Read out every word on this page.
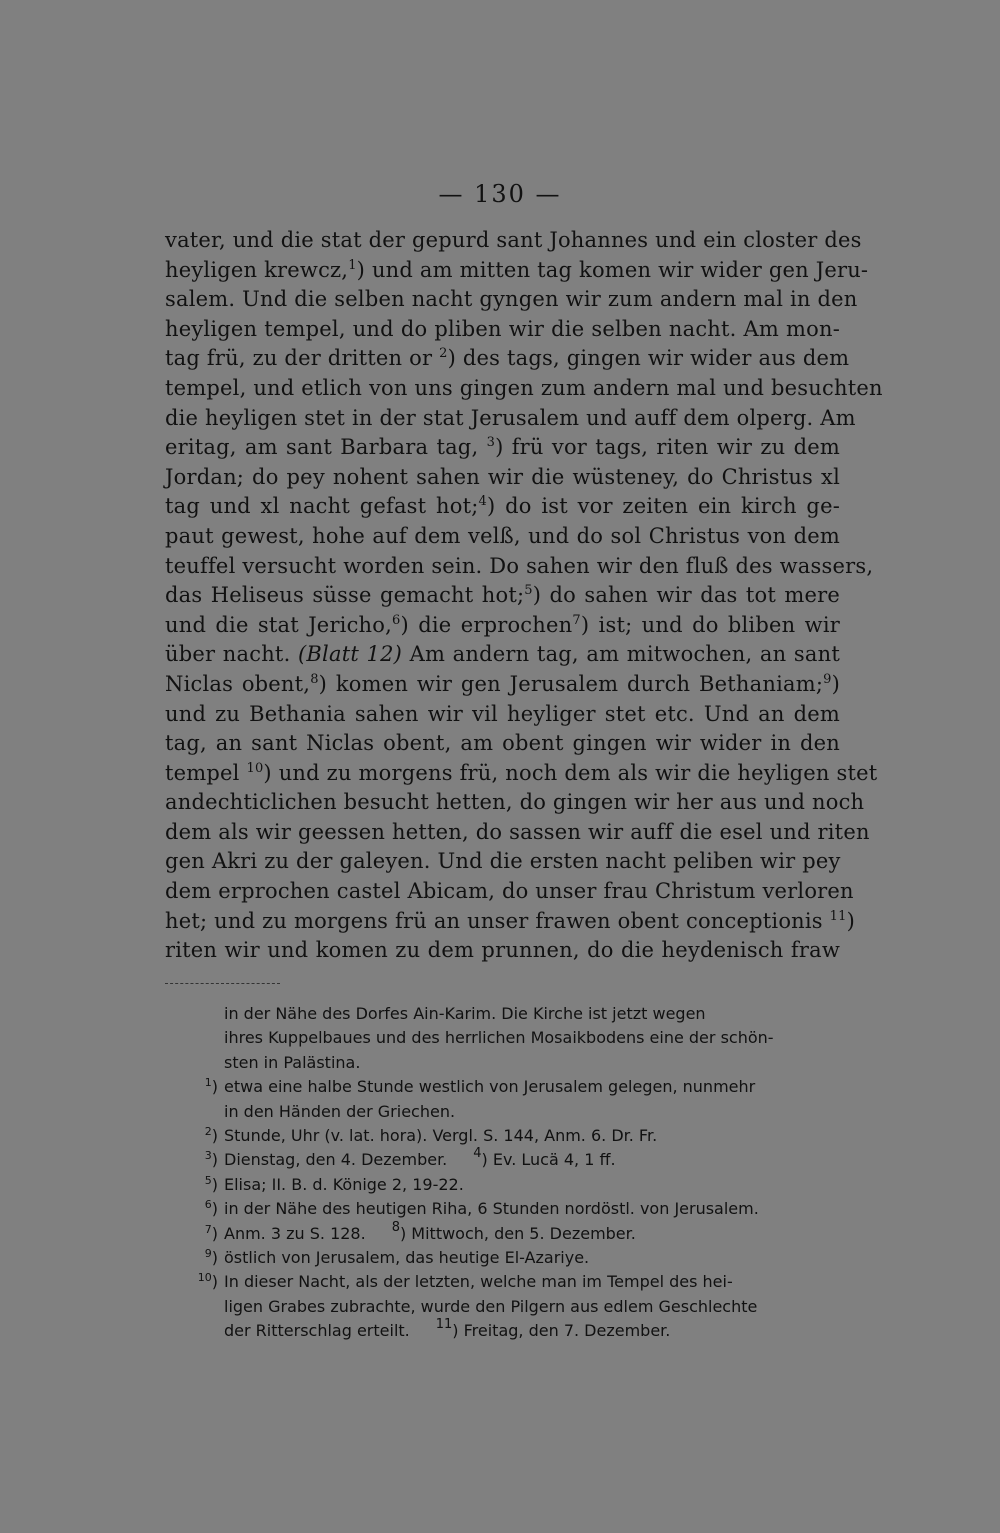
— 130 —
vater, und die stat der gepurd sant Johannes und ein closter des
heyligen krewcz,$^1$) und am mitten tag komen wir wider gen Jeru-
salem. Und die selben nacht gyngen wir zum andern mal in den
heyligen tempel, und do pliben wir die selben nacht. Am mon-
tag frü, zu der dritten or $^2$) des tags, gingen wir wider aus dem
tempel, und etlich von uns gingen zum andern mal und besuchten
die heyligen stet in der stat Jerusalem und auff dem olperg. Am
eritag, am sant Barbara tag, $^3$) frü vor tags, riten wir zu dem
Jordan; do pey nohent sahen wir die wüsteney, do Christus xl
tag und xl nacht gefast hot;$^4$) do ist vor zeiten ein kirch ge-
paut gewest, hohe auf dem velß, und do sol Christus von dem
teuffel versucht worden sein. Do sahen wir den fluß des wassers,
das Heliseus süsse gemacht hot;$^5$) do sahen wir das tot mere
und die stat Jericho,$^6$) die erprochen$^7$) ist; und do bliben wir
über nacht. (Blatt 12) Am andern tag, am mitwochen, an sant
Niclas obent,$^8$) komen wir gen Jerusalem durch Bethaniam;$^9$)
und zu Bethania sahen wir vil heyliger stet etc. Und an dem
tag, an sant Niclas obent, am obent gingen wir wider in den
tempel $^{10}$) und zu morgens frü, noch dem als wir die heyligen stet
andechticlichen besucht hetten, do gingen wir her aus und noch
dem als wir geessen hetten, do sassen wir auff die esel und riten
gen Akri zu der galeyen. Und die ersten nacht peliben wir pey
dem erprochen castel Abicam, do unser frau Christum verloren
het; und zu morgens frü an unser frawen obent conceptionis $^{11}$)
riten wir und komen zu dem prunnen, do die heydenisch fraw
in der Nähe des Dorfes Ain-Karim. Die Kirche ist jetzt wegen
ihres Kuppelbaues und des herrlichen Mosaikbodens eine der schön-
sten in Palästina.
$^1$) etwa eine halbe Stunde westlich von Jerusalem gelegen, nunmehr
in den Händen der Griechen.
$^2$) Stunde, Uhr (v. lat. hora). Vergl. S. 144, Anm. 6. Dr. Fr.
$^3$) Dienstag, den 4. Dezember. $^4$) Ev. Lucä 4, 1 ff.
$^5$) Elisa; II. B. d. Könige 2, 19-22.
$^6$) in der Nähe des heutigen Riha, 6 Stunden nordöstl. von Jerusalem.
$^7$) Anm. 3 zu S. 128. $^8$) Mittwoch, den 5. Dezember.
$^9$) östlich von Jerusalem, das heutige El-Azariye.
$^{10}$) In dieser Nacht, als der letzten, welche man im Tempel des hei-
ligen Grabes zubrachte, wurde den Pilgern aus edlem Geschlechte
der Ritterschlag erteilt. $^{11}$) Freitag, den 7. Dezember.
